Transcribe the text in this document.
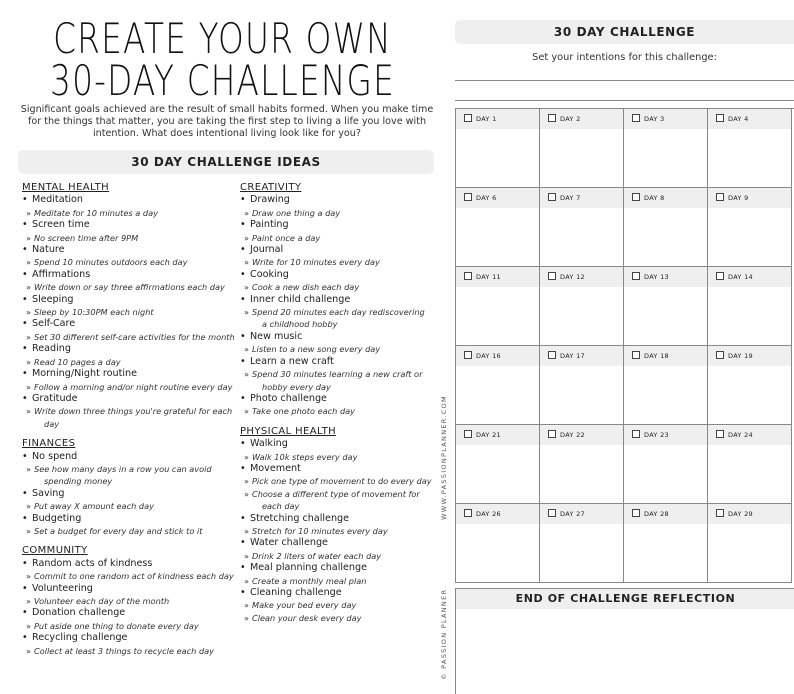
CREATE YOUR OWN
30-DAY CHALLENGE
Significant goals achieved are the result of small habits formed. When you make time for the things that matter, you are taking the first step to living a life you love with intention. What does intentional living look like for you?
30 DAY CHALLENGE IDEAS
MENTAL HEALTH
• Meditation
» Meditate for 10 minutes a day
• Screen time
» No screen time after 9PM
• Nature
» Spend 10 minutes outdoors each day
• Affirmations
» Write down or say three affirmations each day
• Sleeping
» Sleep by 10:30PM each night
• Self-Care
» Set 30 different self-care activities for the month
• Reading
» Read 10 pages a day
• Morning/Night routine
» Follow a morning and/or night routine every day
• Gratitude
» Write down three things you're grateful for each
day
FINANCES
• No spend
» See how many days in a row you can avoid
spending money
• Saving
» Put away X amount each day
• Budgeting
» Set a budget for every day and stick to it
COMMUNITY
• Random acts of kindness
» Commit to one random act of kindness each day
• Volunteering
» Volunteer each day of the month
• Donation challenge
» Put aside one thing to donate every day
• Recycling challenge
» Collect at least 3 things to recycle each day
CREATIVITY
• Drawing
» Draw one thing a day
• Painting
» Paint once a day
• Journal
» Write for 10 minutes every day
• Cooking
» Cook a new dish each day
• Inner child challenge
» Spend 20 minutes each day rediscovering
a childhood hobby
• New music
» Listen to a new song every day
• Learn a new craft
» Spend 30 minutes learning a new craft or
hobby every day
• Photo challenge
» Take one photo each day
PHYSICAL HEALTH
• Walking
» Walk 10k steps every day
• Movement
» Pick one type of movement to do every day
» Choose a different type of movement for
each day
• Stretching challenge
» Stretch for 10 minutes every day
• Water challenge
» Drink 2 liters of water each day
• Meal planning challenge
» Create a monthly meal plan
• Cleaning challenge
» Make your bed every day
» Clean your desk every day
WWW.PASSIONPLANNER.COM
© PASSION PLANNER
30 DAY CHALLENGE
Set your intentions for this challenge:
DAY 1	DAY 2	DAY 3	DAY 4
DAY 6	DAY 7	DAY 8	DAY 9
DAY 11	DAY 12	DAY 13	DAY 14
DAY 16	DAY 17	DAY 18	DAY 19
DAY 21	DAY 22	DAY 23	DAY 24
DAY 26	DAY 27	DAY 28	DAY 29
END OF CHALLENGE REFLECTION
